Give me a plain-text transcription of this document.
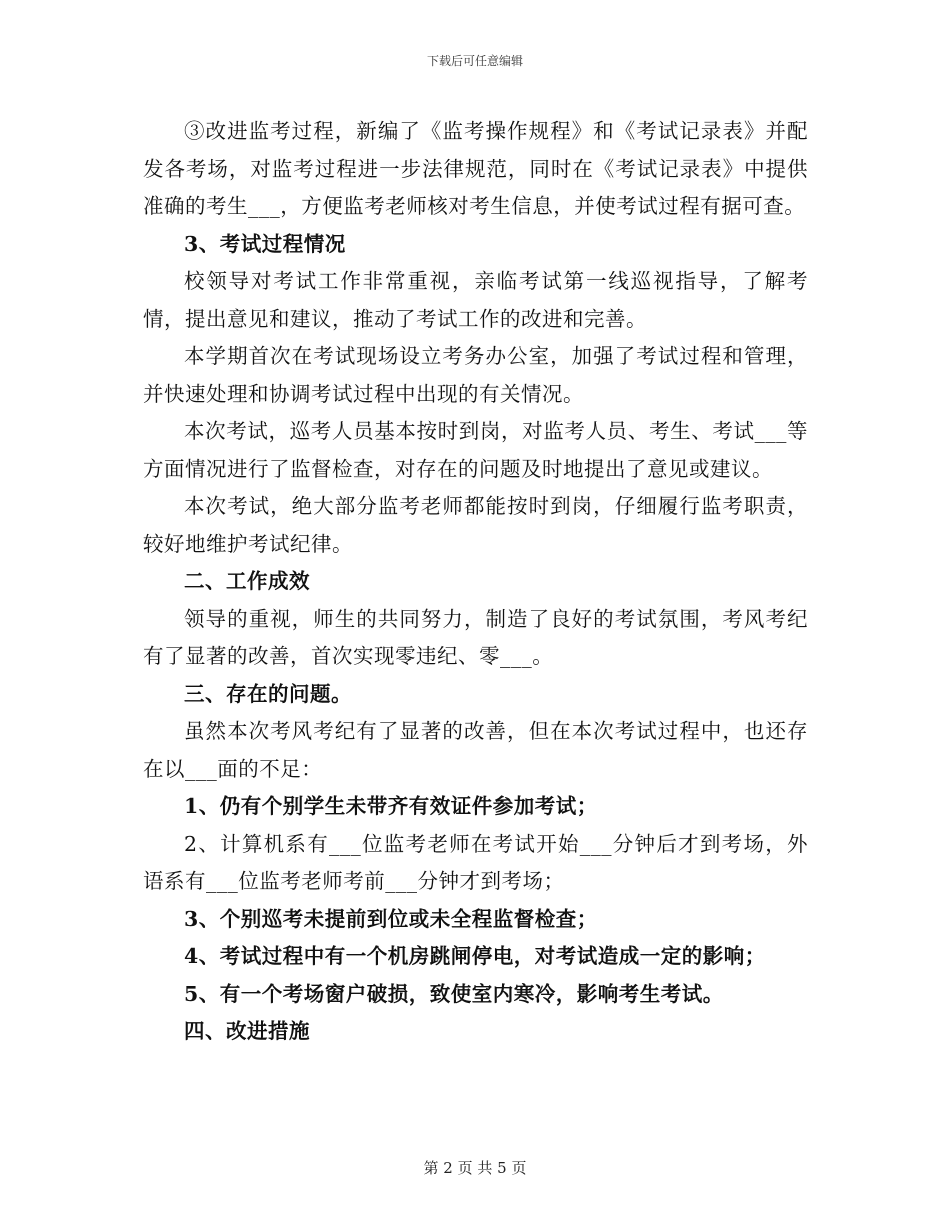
下载后可任意编辑

③改进监考过程，新编了《监考操作规程》和《考试记录表》并配发各考场，对监考过程进一步法律规范，同时在《考试记录表》中提供准确的考生___，方便监考老师核对考生信息，并使考试过程有据可查。

3、考试过程情况

校领导对考试工作非常重视，亲临考试第一线巡视指导，了解考情，提出意见和建议，推动了考试工作的改进和完善。

本学期首次在考试现场设立考务办公室，加强了考试过程和管理，并快速处理和协调考试过程中出现的有关情况。

本次考试，巡考人员基本按时到岗，对监考人员、考生、考试___等方面情况进行了监督检查，对存在的问题及时地提出了意见或建议。

本次考试，绝大部分监考老师都能按时到岗，仔细履行监考职责，较好地维护考试纪律。

二、工作成效

领导的重视，师生的共同努力，制造了良好的考试氛围，考风考纪有了显著的改善，首次实现零违纪、零___。

三、存在的问题。

虽然本次考风考纪有了显著的改善，但在本次考试过程中，也还存在以___面的不足：

1、仍有个别学生未带齐有效证件参加考试；

2、计算机系有___位监考老师在考试开始___分钟后才到考场，外语系有___位监考老师考前___分钟才到考场；

3、个别巡考未提前到位或未全程监督检查；

4、考试过程中有一个机房跳闸停电，对考试造成一定的影响；

5、有一个考场窗户破损，致使室内寒冷，影响考生考试。

四、改进措施

第 2 页 共 5 页
